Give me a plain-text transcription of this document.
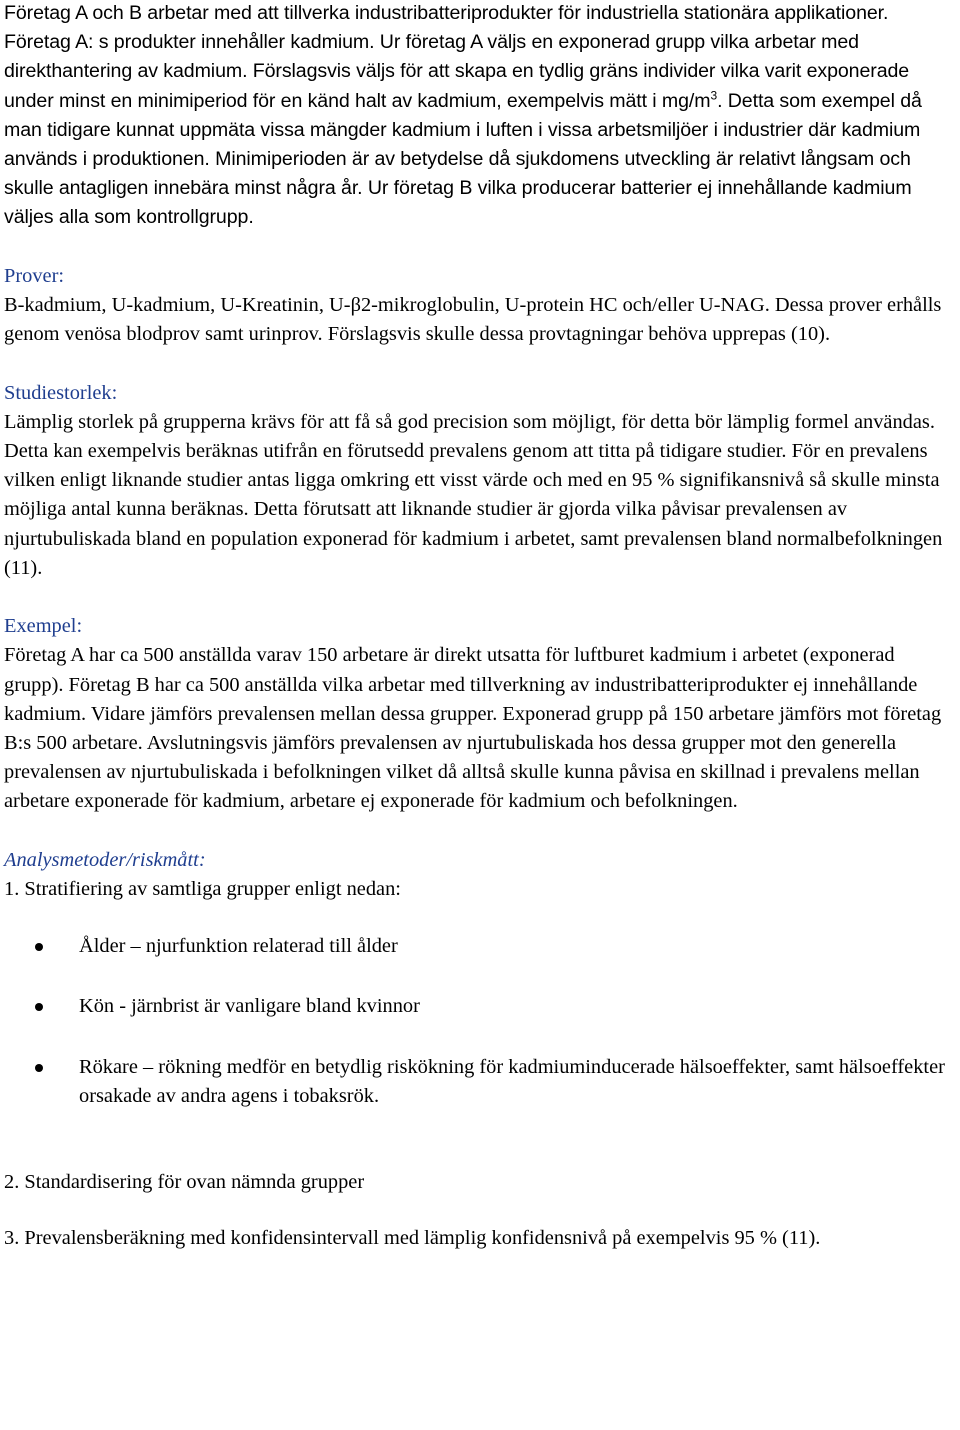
Företag A och B arbetar med att tillverka industribatteriprodukter för industriella stationära applikationer. Företag A: s produkter innehåller kadmium. Ur företag A väljs en exponerad grupp vilka arbetar med direkthantering av kadmium. Förslagsvis väljs för att skapa en tydlig gräns individer vilka varit exponerade under minst en minimiperiod för en känd halt av kadmium, exempelvis mätt i $mg/m^3$. Detta som exempel då man tidigare kunnat uppmäta vissa mängder kadmium i luften i vissa arbetsmiljöer i industrier där kadmium används i produktionen. Minimiperioden är av betydelse då sjukdomens utveckling är relativt långsam och skulle antagligen innebära minst några år. Ur företag B vilka producerar batterier ej innehållande kadmium väljes alla som kontrollgrupp.

Prover:

B-kadmium, U-kadmium, U-Kreatinin, U-β2-mikroglobulin, U-protein HC och/eller U-NAG. Dessa prover erhålls genom venösa blodprov samt urinprov. Förslagsvis skulle dessa provtagningar behöva upprepas (10).

Studiestorlek:

Lämplig storlek på grupperna krävs för att få så god precision som möjligt, för detta bör lämplig formel användas. Detta kan exempelvis beräknas utifrån en förutsedd prevalens genom att titta på tidigare studier. För en prevalens vilken enligt liknande studier antas ligga omkring ett visst värde och med en 95 % signifikansnivå så skulle minsta möjliga antal kunna beräknas. Detta förutsatt att liknande studier är gjorda vilka påvisar prevalensen av njurtubuliskada bland en population exponerad för kadmium i arbetet, samt prevalensen bland normalbefolkningen (11).

Exempel:

Företag A har ca 500 anställda varav 150 arbetare är direkt utsatta för luftburet kadmium i arbetet (exponerad grupp). Företag B har ca 500 anställda vilka arbetar med tillverkning av industribatteriprodukter ej innehållande kadmium. Vidare jämförs prevalensen mellan dessa grupper. Exponerad grupp på 150 arbetare jämförs mot företag B:s 500 arbetare. Avslutningsvis jämförs prevalensen av njurtubuliskada hos dessa grupper mot den generella prevalensen av njurtubuliskada i befolkningen vilket då alltså skulle kunna påvisa en skillnad i prevalens mellan arbetare exponerade för kadmium, arbetare ej exponerade för kadmium och befolkningen.

Analysmetoder/riskmått:

1. Stratifiering av samtliga grupper enligt nedan:

Ålder – njurfunktion relaterad till ålder
Kön - järnbrist är vanligare bland kvinnor
Rökare – rökning medför en betydlig riskökning för kadmiuminducerade hälsoeffekter, samt hälsoeffekter orsakade av andra agens i tobaksrök.

2. Standardisering för ovan nämnda grupper

3. Prevalensberäkning med konfidensintervall med lämplig konfidensnivå på exempelvis 95 % (11).
